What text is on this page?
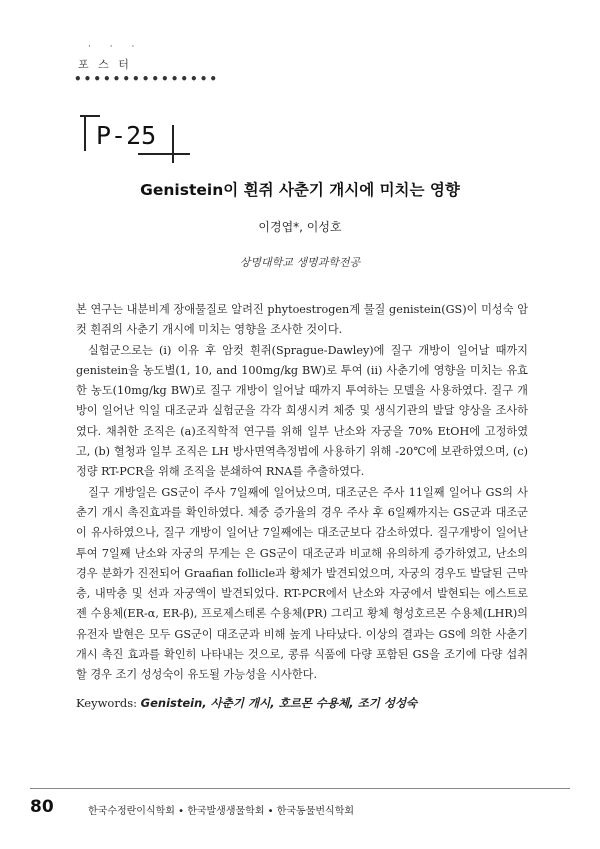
· · ·
포 스 터
•••••••••••••••
P-25
Genistein이 흰쥐 사춘기 개시에 미치는 영향
이경엽*, 이성호
상명대학교 생명과학전공

본 연구는 내분비계 장애물질로 알려진 phytoestrogen계 물질 genistein(GS)이 미성숙 암컷 흰쥐의 사춘기 개시에 미치는 영향을 조사한 것이다.

실험군으로는 (i) 이유 후 암컷 흰쥐(Sprague-Dawley)에 질구 개방이 일어날 때까지 genistein을 농도별(1, 10, and 100mg/kg BW)로 투여 (ii) 사춘기에 영향을 미치는 유효한 농도(10mg/kg BW)로 질구 개방이 일어날 때까지 투여하는 모델을 사용하였다. 질구 개방이 일어난 익일 대조군과 실험군을 각각 희생시켜 체중 및 생식기관의 발달 양상을 조사하였다. 채취한 조직은 (a)조직학적 연구를 위해 일부 난소와 자궁을 70% EtOH에 고정하였고, (b) 혈청과 일부 조직은 LH 방사면역측정법에 사용하기 위해 -20℃에 보관하였으며, (c) 정량 RT-PCR을 위해 조직을 분쇄하여 RNA를 추출하였다.

질구 개방일은 GS군이 주사 7일째에 일어났으며, 대조군은 주사 11일째 일어나 GS의 사춘기 개시 촉진효과를 확인하였다. 체중 증가율의 경우 주사 후 6일째까지는 GS군과 대조군이 유사하였으나, 질구 개방이 일어난 7일째에는 대조군보다 감소하였다. 질구개방이 일어난 투여 7일째 난소와 자궁의 무게는 은 GS군이 대조군과 비교해 유의하게 증가하였고, 난소의 경우 분화가 진전되어 Graafian follicle과 황체가 발견되었으며, 자궁의 경우도 발달된 근막층, 내막층 및 선과 자궁액이 발견되었다. RT-PCR에서 난소와 자궁에서 발현되는 에스트로젠 수용체(ER-α, ER-β), 프로제스테론 수용체(PR) 그리고 황체 형성호르몬 수용체(LHR)의 유전자 발현은 모두 GS군이 대조군과 비해 높게 나타났다. 이상의 결과는 GS에 의한 사춘기 개시 촉진 효과를 확인히 나타내는 것으로, 콩류 식품에 다량 포함된 GS을 조기에 다량 섭취할 경우 조기 성성숙이 유도될 가능성을 시사한다.

Keywords: Genistein, 사춘기 개시, 호르몬 수용체, 조기 성성숙
80	한국수정란이식학회 • 한국발생생물학회 • 한국동물번식학회
